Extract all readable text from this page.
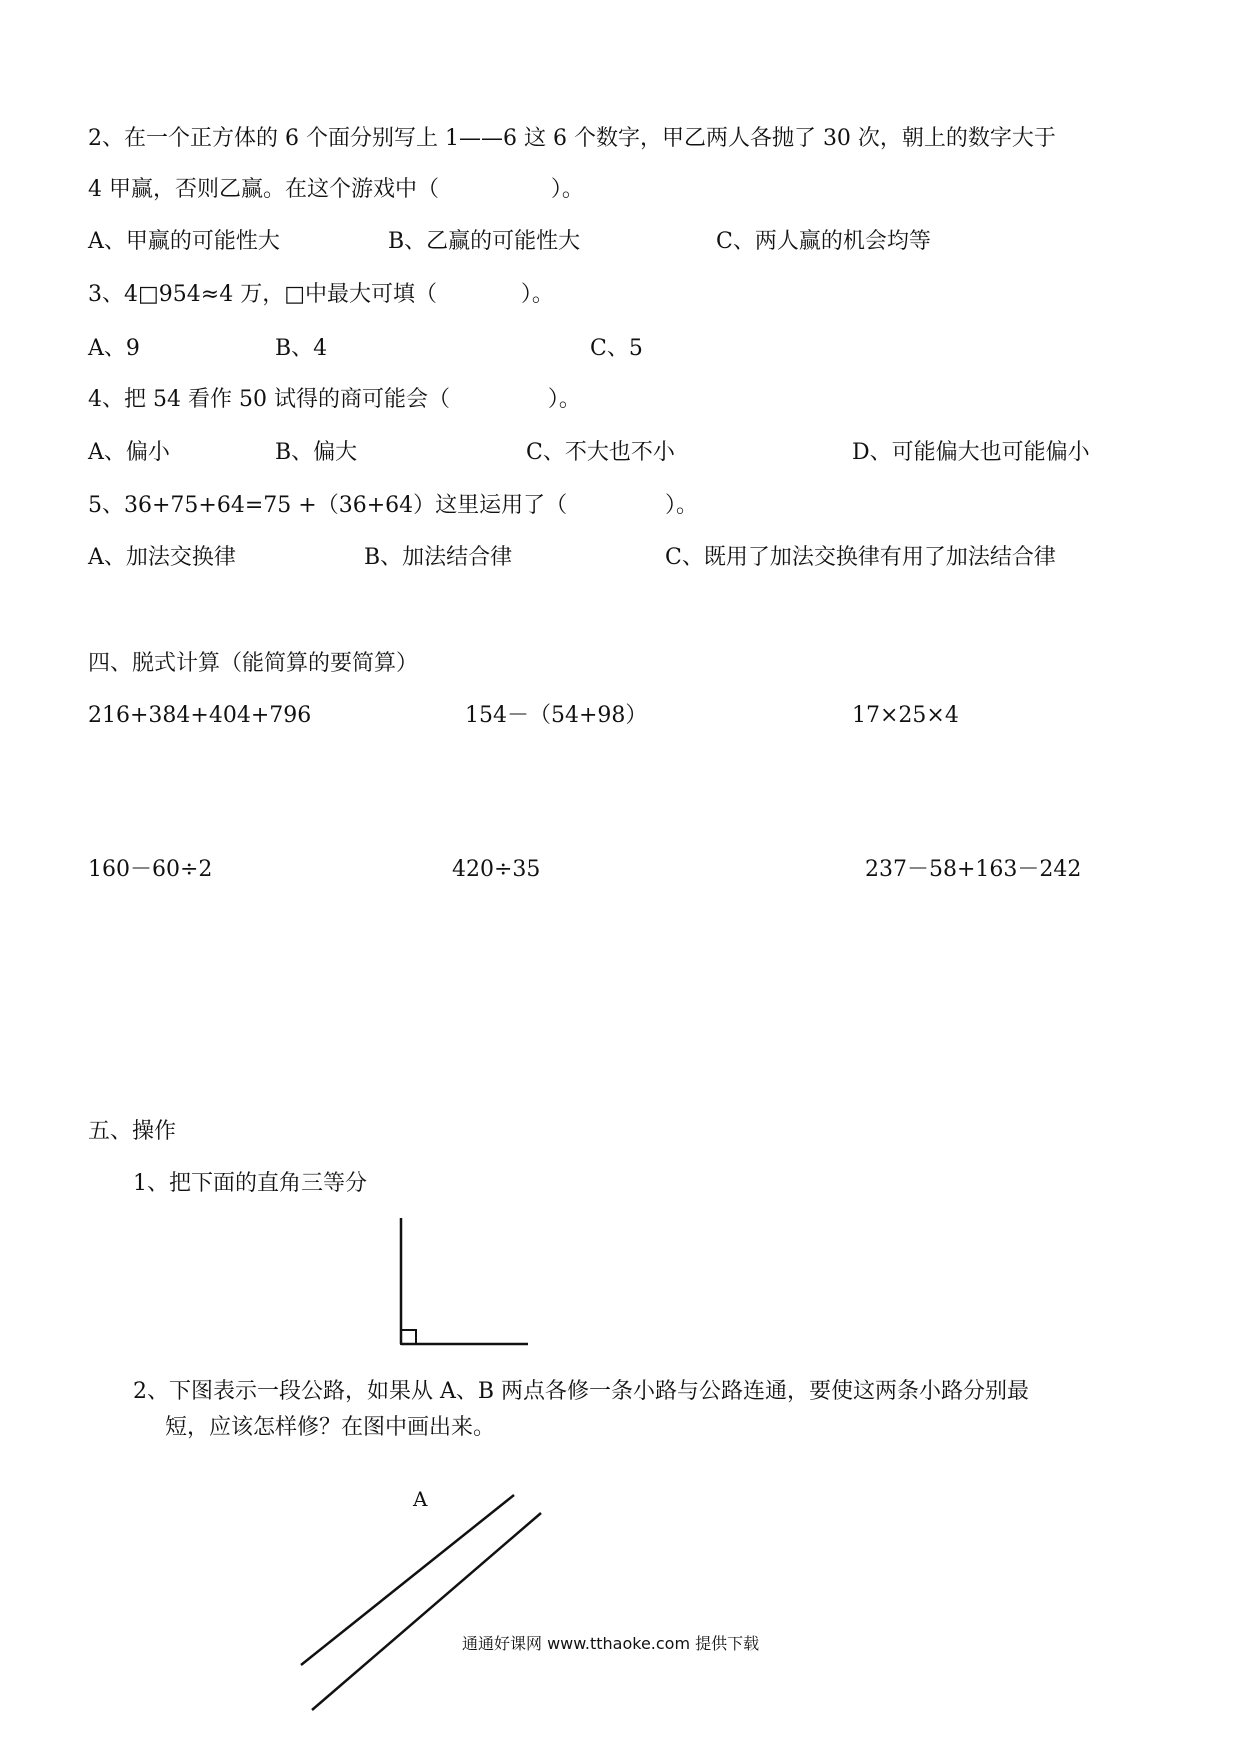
2、在一个正方体的 6 个面分别写上 1——6 这 6 个数字，甲乙两人各抛了 30 次，朝上的数字大于
4 甲赢，否则乙赢。在这个游戏中（                ）。
A、甲赢的可能性大	B、乙赢的可能性大	C、两人赢的机会均等
3、4□954≈4 万，□中最大可填（            ）。
A、9	B、4	C、5
4、把 54 看作 50 试得的商可能会（              ）。
A、偏小	B、偏大	C、不大也不小	D、可能偏大也可能偏小
5、36+75+64=75 +（36+64）这里运用了（              ）。
A、加法交换律	B、加法结合律	C、既用了加法交换律有用了加法结合律
四、脱式计算（能简算的要简算）
216+384+404+796	154－（54+98）	17×25×4
160－60÷2	420÷35	237－58+163－242
五、操作
1、把下面的直角三等分
2、下图表示一段公路，如果从 A、B 两点各修一条小路与公路连通，要使这两条小路分别最
短，应该怎样修？在图中画出来。
A
通通好课网 www.tthaoke.com 提供下载
